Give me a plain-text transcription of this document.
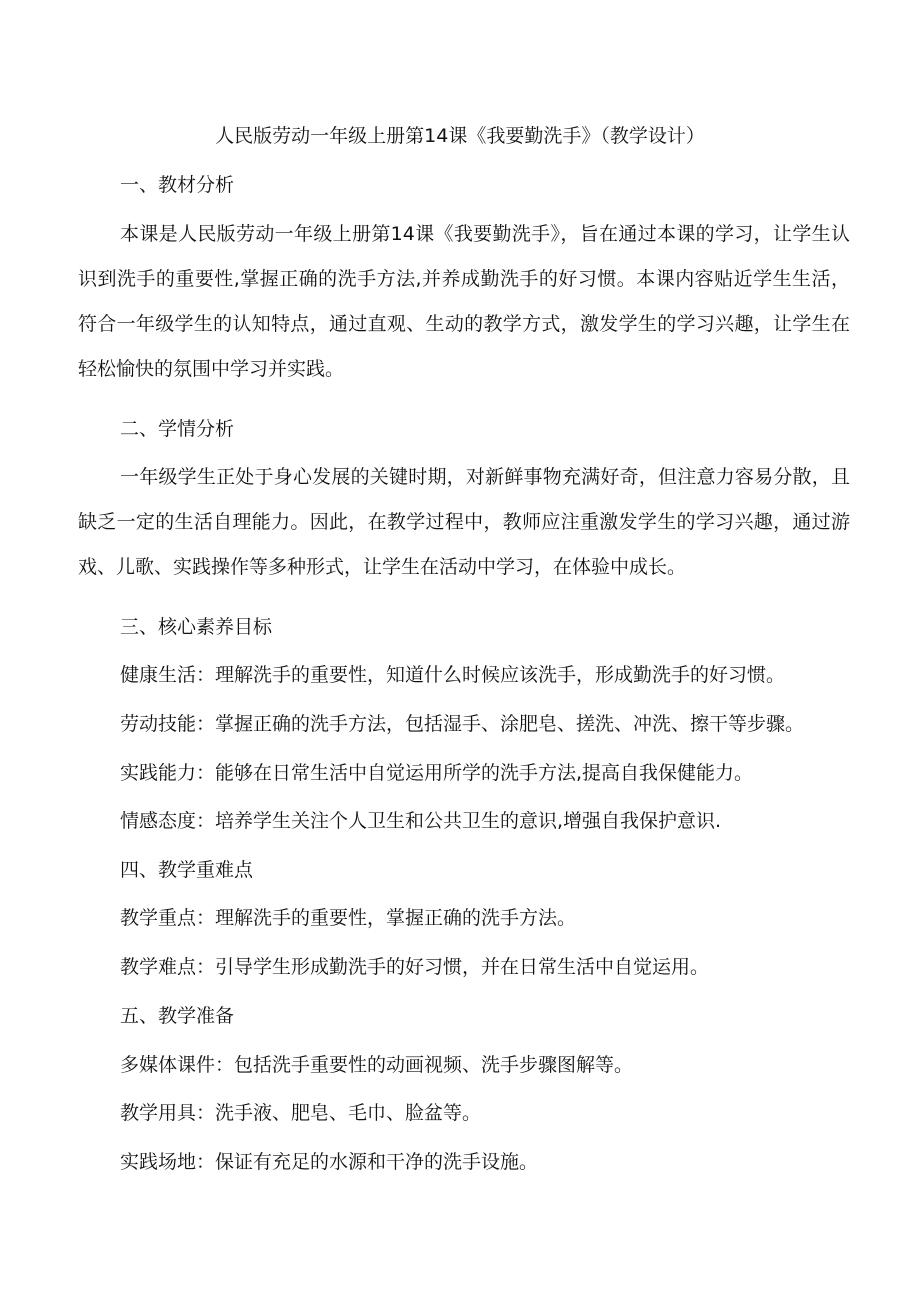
人民版劳动一年级上册第14课《我要勤洗手》（教学设计）
一、教材分析

本课是人民版劳动一年级上册第14课《我要勤洗手》，旨在通过本课的学习，让学生认识到洗手的重要性,掌握正确的洗手方法,并养成勤洗手的好习惯。本课内容贴近学生生活，符合一年级学生的认知特点，通过直观、生动的教学方式，激发学生的学习兴趣，让学生在轻松愉快的氛围中学习并实践。

二、学情分析

一年级学生正处于身心发展的关键时期，对新鲜事物充满好奇，但注意力容易分散，且缺乏一定的生活自理能力。因此，在教学过程中，教师应注重激发学生的学习兴趣，通过游戏、儿歌、实践操作等多种形式，让学生在活动中学习，在体验中成长。

三、核心素养目标
健康生活：理解洗手的重要性，知道什么时候应该洗手，形成勤洗手的好习惯。
劳动技能：掌握正确的洗手方法，包括湿手、涂肥皂、搓洗、冲洗、擦干等步骤。
实践能力：能够在日常生活中自觉运用所学的洗手方法,提高自我保健能力。
情感态度：培养学生关注个人卫生和公共卫生的意识,增强自我保护意识.
四、教学重难点
教学重点：理解洗手的重要性，掌握正确的洗手方法。
教学难点：引导学生形成勤洗手的好习惯，并在日常生活中自觉运用。
五、教学准备
多媒体课件：包括洗手重要性的动画视频、洗手步骤图解等。
教学用具：洗手液、肥皂、毛巾、脸盆等。
实践场地：保证有充足的水源和干净的洗手设施。
